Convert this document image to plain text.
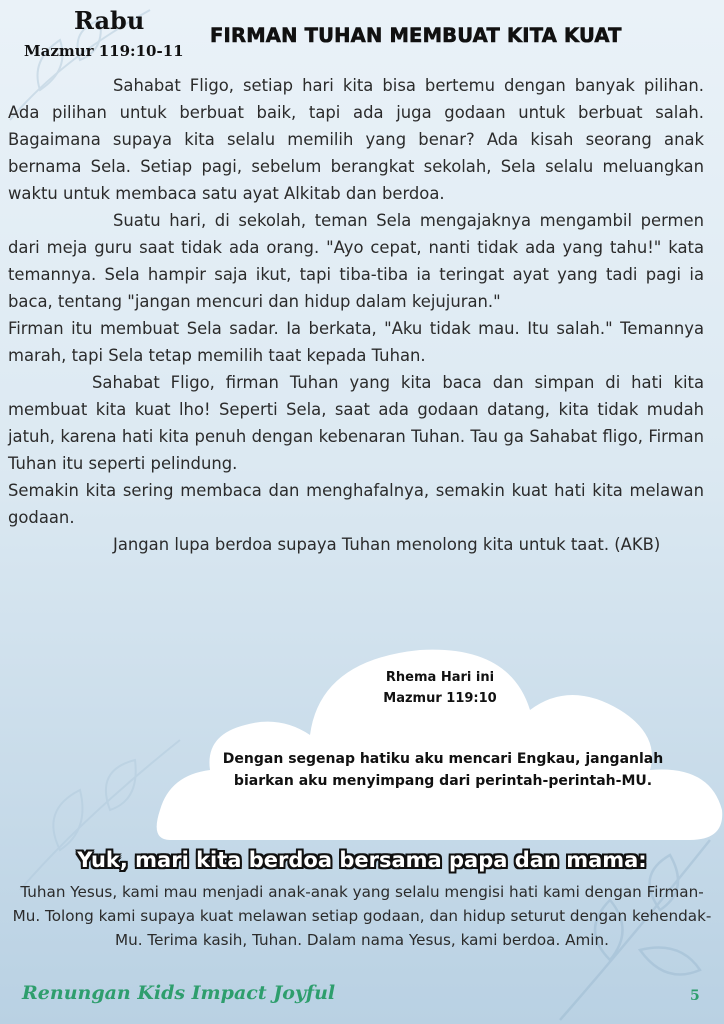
Rabu
Mazmur 119:10-11
FIRMAN TUHAN MEMBUAT KITA KUAT

Sahabat Fligo, setiap hari kita bisa bertemu dengan banyak pilihan. Ada pilihan untuk berbuat baik, tapi ada juga godaan untuk berbuat salah. Bagaimana supaya kita selalu memilih yang benar? Ada kisah seorang anak bernama Sela. Setiap pagi, sebelum berangkat sekolah, Sela selalu meluangkan waktu untuk membaca satu ayat Alkitab dan berdoa.

Suatu hari, di sekolah, teman Sela mengajaknya mengambil permen dari meja guru saat tidak ada orang. "Ayo cepat, nanti tidak ada yang tahu!" kata temannya. Sela hampir saja ikut, tapi tiba-tiba ia teringat ayat yang tadi pagi ia baca, tentang "jangan mencuri dan hidup dalam kejujuran."

Firman itu membuat Sela sadar. Ia berkata, "Aku tidak mau. Itu salah." Temannya marah, tapi Sela tetap memilih taat kepada Tuhan.

Sahabat Fligo, firman Tuhan yang kita baca dan simpan di hati kita membuat kita kuat lho! Seperti Sela, saat ada godaan datang, kita tidak mudah jatuh, karena hati kita penuh dengan kebenaran Tuhan. Tau ga Sahabat fligo, Firman Tuhan itu seperti pelindung.

Semakin kita sering membaca dan menghafalnya, semakin kuat hati kita melawan godaan.

Jangan lupa berdoa supaya Tuhan menolong kita untuk taat. (AKB)

Rhema Hari ini
Mazmur 119:10
Dengan segenap hatiku aku mencari Engkau, janganlah biarkan aku menyimpang dari perintah-perintah-MU.
Yuk, mari kita berdoa bersama papa dan mama:
Tuhan Yesus, kami mau menjadi anak-anak yang selalu mengisi hati kami dengan Firman-Mu. Tolong kami supaya kuat melawan setiap godaan, dan hidup seturut dengan kehendak-Mu. Terima kasih, Tuhan. Dalam nama Yesus, kami berdoa. Amin.
Renungan Kids Impact Joyful	5
